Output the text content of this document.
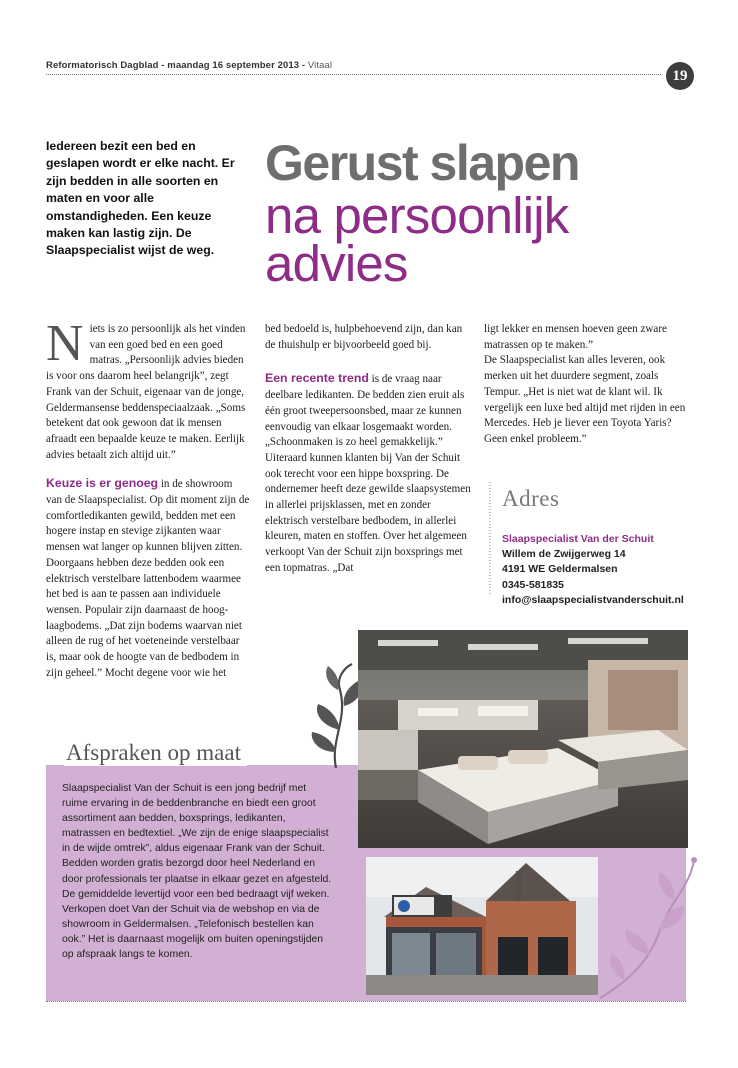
Reformatorisch Dagblad - maandag 16 september 2013 - Vitaal
19
Iedereen bezit een bed en geslapen wordt er elke nacht. Er zijn bedden in alle soorten en maten en voor alle omstandigheden. Een keuze maken kan lastig zijn. De Slaapspecialist wijst de weg.
Gerust slapen
na persoonlijk
advies

Niets is zo persoonlijk als het vinden van een goed bed en een goed matras. „Persoonlijk advies bieden is voor ons daarom heel belangrijk”, zegt Frank van der Schuit, eigenaar van de jonge, Geldermansense beddenspeciaalzaak. „Soms betekent dat ook gewoon dat ik mensen afraadt een bepaalde keuze te maken. Eerlijk advies betaalt zich altijd uit.”

Keuze is er genoeg in de showroom van de Slaapspecialist. Op dit moment zijn de comfortledikanten gewild, bedden met een hogere instap en stevige zijkanten waar mensen wat langer op kunnen blijven zitten. Doorgaans hebben deze bedden ook een elektrisch verstelbare lattenbodem waarmee het bed is aan te passen aan individuele wensen. Populair zijn daarnaast de hoog-laagbodems. „Dat zijn bodems waarvan niet alleen de rug of het voeteneinde verstelbaar is, maar ook de hoogte van de bedbodem in zijn geheel.” Mocht degene voor wie het

bed bedoeld is, hulpbehoevend zijn, dan kan de thuishulp er bijvoorbeeld goed bij.

Een recente trend is de vraag naar deelbare ledikanten. De bedden zien eruit als één groot tweepersoonsbed, maar ze kunnen eenvoudig van elkaar losgemaakt worden. „Schoonmaken is zo heel gemakkelijk.”

Uiteraard kunnen klanten bij Van der Schuit ook terecht voor een hippe boxspring. De ondernemer heeft deze gewilde slaapsystemen in allerlei prijsklassen, met en zonder elektrisch verstelbare bedbodem, in allerlei kleuren, maten en stoffen. Over het algemeen verkoopt Van der Schuit zijn boxsprings met een topmatras. „Dat

ligt lekker en mensen hoeven geen zware matrassen op te maken.”

De Slaapspecialist kan alles leveren, ook merken uit het duurdere segment, zoals Tempur. „Het is niet wat de klant wil. Ik vergelijk een luxe bed altijd met rijden in een Mercedes. Heb je liever een Toyota Yaris? Geen enkel probleem.”

Adres
Slaapspecialist Van der Schuit
Willem de Zwijgerweg 14
4191 WE Geldermalsen
0345-581835
info@slaapspecialistvanderschuit.nl
Afspraken op maat
Slaapspecialist Van der Schuit is een jong bedrijf met ruime ervaring in de beddenbranche en biedt een groot assortiment aan bedden, boxsprings, ledikanten, matrassen en bedtextiel. „We zijn de enige slaapspecialist in de wijde omtrek”, aldus eigenaar Frank van der Schuit. Bedden worden gratis bezorgd door heel Nederland en door professionals ter plaatse in elkaar gezet en afgesteld. De gemiddelde levertijd voor een bed bedraagt vijf weken. Verkopen doet Van der Schuit via de webshop en via de showroom in Geldermalsen. „Telefonisch bestellen kan ook.” Het is daarnaast mogelijk om buiten openingstijden op afspraak langs te komen.
